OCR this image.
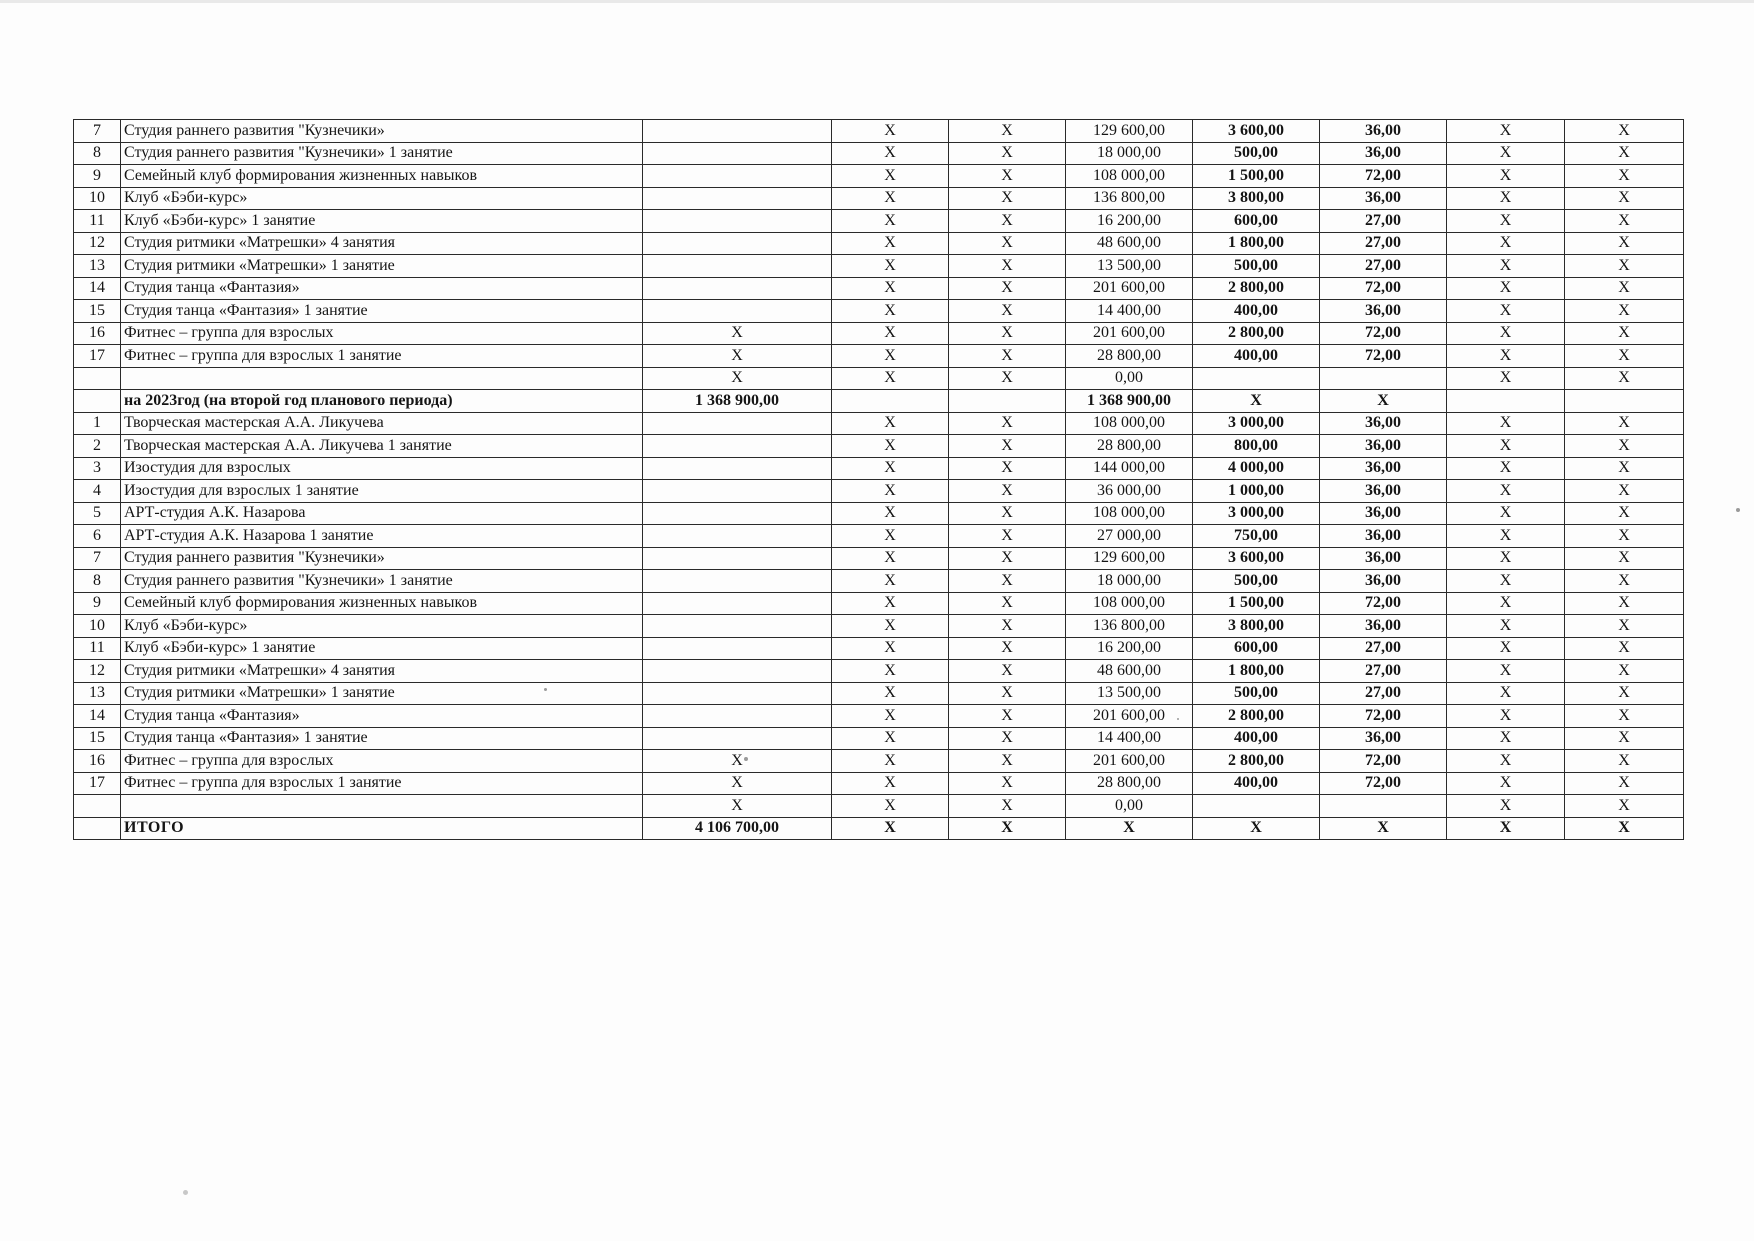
7	Студия раннего развития "Кузнечики»		X	X	129 600,00	3 600,00	36,00	X	X
8	Студия раннего развития "Кузнечики» 1 занятие		X	X	18 000,00	500,00	36,00	X	X
9	Семейный клуб формирования жизненных навыков		X	X	108 000,00	1 500,00	72,00	X	X
10	Клуб «Бэби-курс»		X	X	136 800,00	3 800,00	36,00	X	X
11	Клуб «Бэби-курс» 1 занятие		X	X	16 200,00	600,00	27,00	X	X
12	Студия ритмики «Матрешки» 4 занятия		X	X	48 600,00	1 800,00	27,00	X	X
13	Студия ритмики «Матрешки» 1 занятие		X	X	13 500,00	500,00	27,00	X	X
14	Студия танца «Фантазия»		X	X	201 600,00	2 800,00	72,00	X	X
15	Студия танца «Фантазия» 1 занятие		X	X	14 400,00	400,00	36,00	X	X
16	Фитнес – группа для взрослых	X	X	X	201 600,00	2 800,00	72,00	X	X
17	Фитнес – группа для взрослых 1 занятие	X	X	X	28 800,00	400,00	72,00	X	X
		X	X	X	0,00			X	X
	на 2023год (на второй год планового периода)	1 368 900,00			1 368 900,00	X	X		
1	Творческая мастерская А.А. Ликучева		X	X	108 000,00	3 000,00	36,00	X	X
2	Творческая мастерская А.А. Ликучева 1 занятие		X	X	28 800,00	800,00	36,00	X	X
3	Изостудия для взрослых		X	X	144 000,00	4 000,00	36,00	X	X
4	Изостудия для взрослых 1 занятие		X	X	36 000,00	1 000,00	36,00	X	X
5	АРТ-студия А.К. Назарова		X	X	108 000,00	3 000,00	36,00	X	X
6	АРТ-студия А.К. Назарова 1 занятие		X	X	27 000,00	750,00	36,00	X	X
7	Студия раннего развития "Кузнечики»		X	X	129 600,00	3 600,00	36,00	X	X
8	Студия раннего развития "Кузнечики» 1 занятие		X	X	18 000,00	500,00	36,00	X	X
9	Семейный клуб формирования жизненных навыков		X	X	108 000,00	1 500,00	72,00	X	X
10	Клуб «Бэби-курс»		X	X	136 800,00	3 800,00	36,00	X	X
11	Клуб «Бэби-курс» 1 занятие		X	X	16 200,00	600,00	27,00	X	X
12	Студия ритмики «Матрешки» 4 занятия		X	X	48 600,00	1 800,00	27,00	X	X
13	Студия ритмики «Матрешки» 1 занятие		X	X	13 500,00	500,00	27,00	X	X
14	Студия танца «Фантазия»		X	X	201 600,00	2 800,00	72,00	X	X
15	Студия танца «Фантазия» 1 занятие		X	X	14 400,00	400,00	36,00	X	X
16	Фитнес – группа для взрослых	X	X	X	201 600,00	2 800,00	72,00	X	X
17	Фитнес – группа для взрослых 1 занятие	X	X	X	28 800,00	400,00	72,00	X	X
		X	X	X	0,00			X	X
	ИТОГО	4 106 700,00	X	X	X	X	X	X	X
